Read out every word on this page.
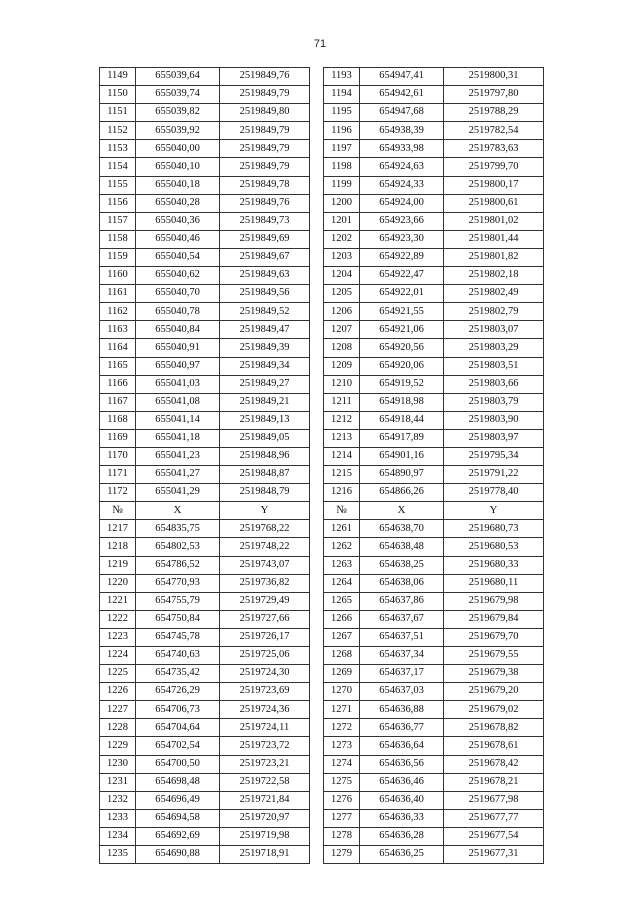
71
1149	655039,64	2519849,76		1193	654947,41	2519800,31
1150	655039,74	2519849,79		1194	654942,61	2519797,80
1151	655039,82	2519849,80		1195	654947,68	2519788,29
1152	655039,92	2519849,79		1196	654938,39	2519782,54
1153	655040,00	2519849,79		1197	654933,98	2519783,63
1154	655040,10	2519849,79		1198	654924,63	2519799,70
1155	655040,18	2519849,78		1199	654924,33	2519800,17
1156	655040,28	2519849,76		1200	654924,00	2519800,61
1157	655040,36	2519849,73		1201	654923,66	2519801,02
1158	655040,46	2519849,69		1202	654923,30	2519801,44
1159	655040,54	2519849,67		1203	654922,89	2519801,82
1160	655040,62	2519849,63		1204	654922,47	2519802,18
1161	655040,70	2519849,56		1205	654922,01	2519802,49
1162	655040,78	2519849,52		1206	654921,55	2519802,79
1163	655040,84	2519849,47		1207	654921,06	2519803,07
1164	655040,91	2519849,39		1208	654920,56	2519803,29
1165	655040,97	2519849,34		1209	654920,06	2519803,51
1166	655041,03	2519849,27		1210	654919,52	2519803,66
1167	655041,08	2519849,21		1211	654918,98	2519803,79
1168	655041,14	2519849,13		1212	654918,44	2519803,90
1169	655041,18	2519849,05		1213	654917,89	2519803,97
1170	655041,23	2519848,96		1214	654901,16	2519795,34
1171	655041,27	2519848,87		1215	654890,97	2519791,22
1172	655041,29	2519848,79		1216	654866,26	2519778,40
№	X	Y		№	X	Y
1217	654835,75	2519768,22		1261	654638,70	2519680,73
1218	654802,53	2519748,22		1262	654638,48	2519680,53
1219	654786,52	2519743,07		1263	654638,25	2519680,33
1220	654770,93	2519736,82		1264	654638,06	2519680,11
1221	654755,79	2519729,49		1265	654637,86	2519679,98
1222	654750,84	2519727,66		1266	654637,67	2519679,84
1223	654745,78	2519726,17		1267	654637,51	2519679,70
1224	654740,63	2519725,06		1268	654637,34	2519679,55
1225	654735,42	2519724,30		1269	654637,17	2519679,38
1226	654726,29	2519723,69		1270	654637,03	2519679,20
1227	654706,73	2519724,36		1271	654636,88	2519679,02
1228	654704,64	2519724,11		1272	654636,77	2519678,82
1229	654702,54	2519723,72		1273	654636,64	2519678,61
1230	654700,50	2519723,21		1274	654636,56	2519678,42
1231	654698,48	2519722,58		1275	654636,46	2519678,21
1232	654696,49	2519721,84		1276	654636,40	2519677,98
1233	654694,58	2519720,97		1277	654636,33	2519677,77
1234	654692,69	2519719,98		1278	654636,28	2519677,54
1235	654690,88	2519718,91		1279	654636,25	2519677,31
